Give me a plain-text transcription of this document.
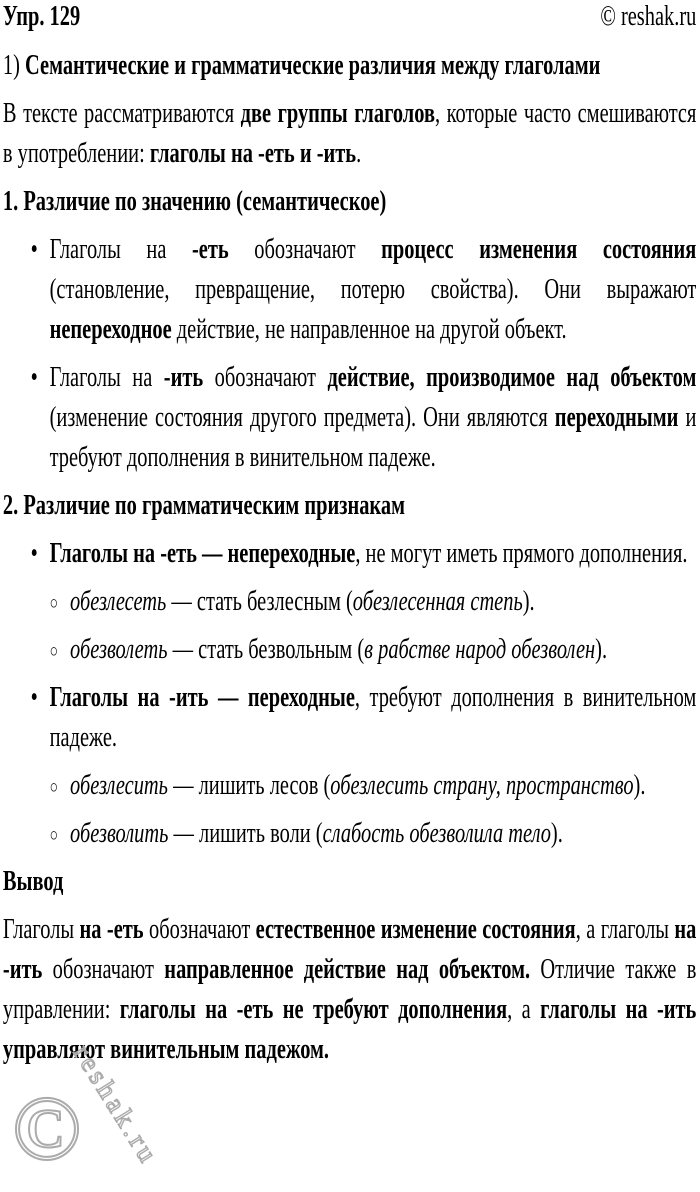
Упр. 129	© reshak.ru

1) Семантические и грамматические различия между глаголами

В тексте рассматриваются две группы глаголов, которые часто смешиваются в употреблении: глаголы на -еть и -ить.

1. Различие по значению (семантическое)

• Глаголы на -еть обозначают процесс изменения состояния (становление, превращение, потерю свойства). Они выражают непереходное действие, не направленное на другой объект.
• Глаголы на -ить обозначают действие, производимое над объектом (изменение состояния другого предмета). Они являются переходными и требуют дополнения в винительном падеже.

2. Различие по грамматическим признакам

• Глаголы на -еть — непереходные, не могут иметь прямого дополнения.
○ обезлесеть — стать безлесным (обезлесенная степь).
○ обезволеть — стать безвольным (в рабстве народ обезволен).
• Глаголы на -ить — переходные, требуют дополнения в винительном падеже.
○ обезлесить — лишить лесов (обезлесить страну, пространство).
○ обезволить — лишить воли (слабость обезволила тело).

Вывод

Глаголы на -еть обозначают естественное изменение состояния, а глаголы на -ить обозначают направленное действие над объектом. Отличие также в управлении: глаголы на -еть не требуют дополнения, а глаголы на -ить управляют винительным падежом.

©
reshak.ru
